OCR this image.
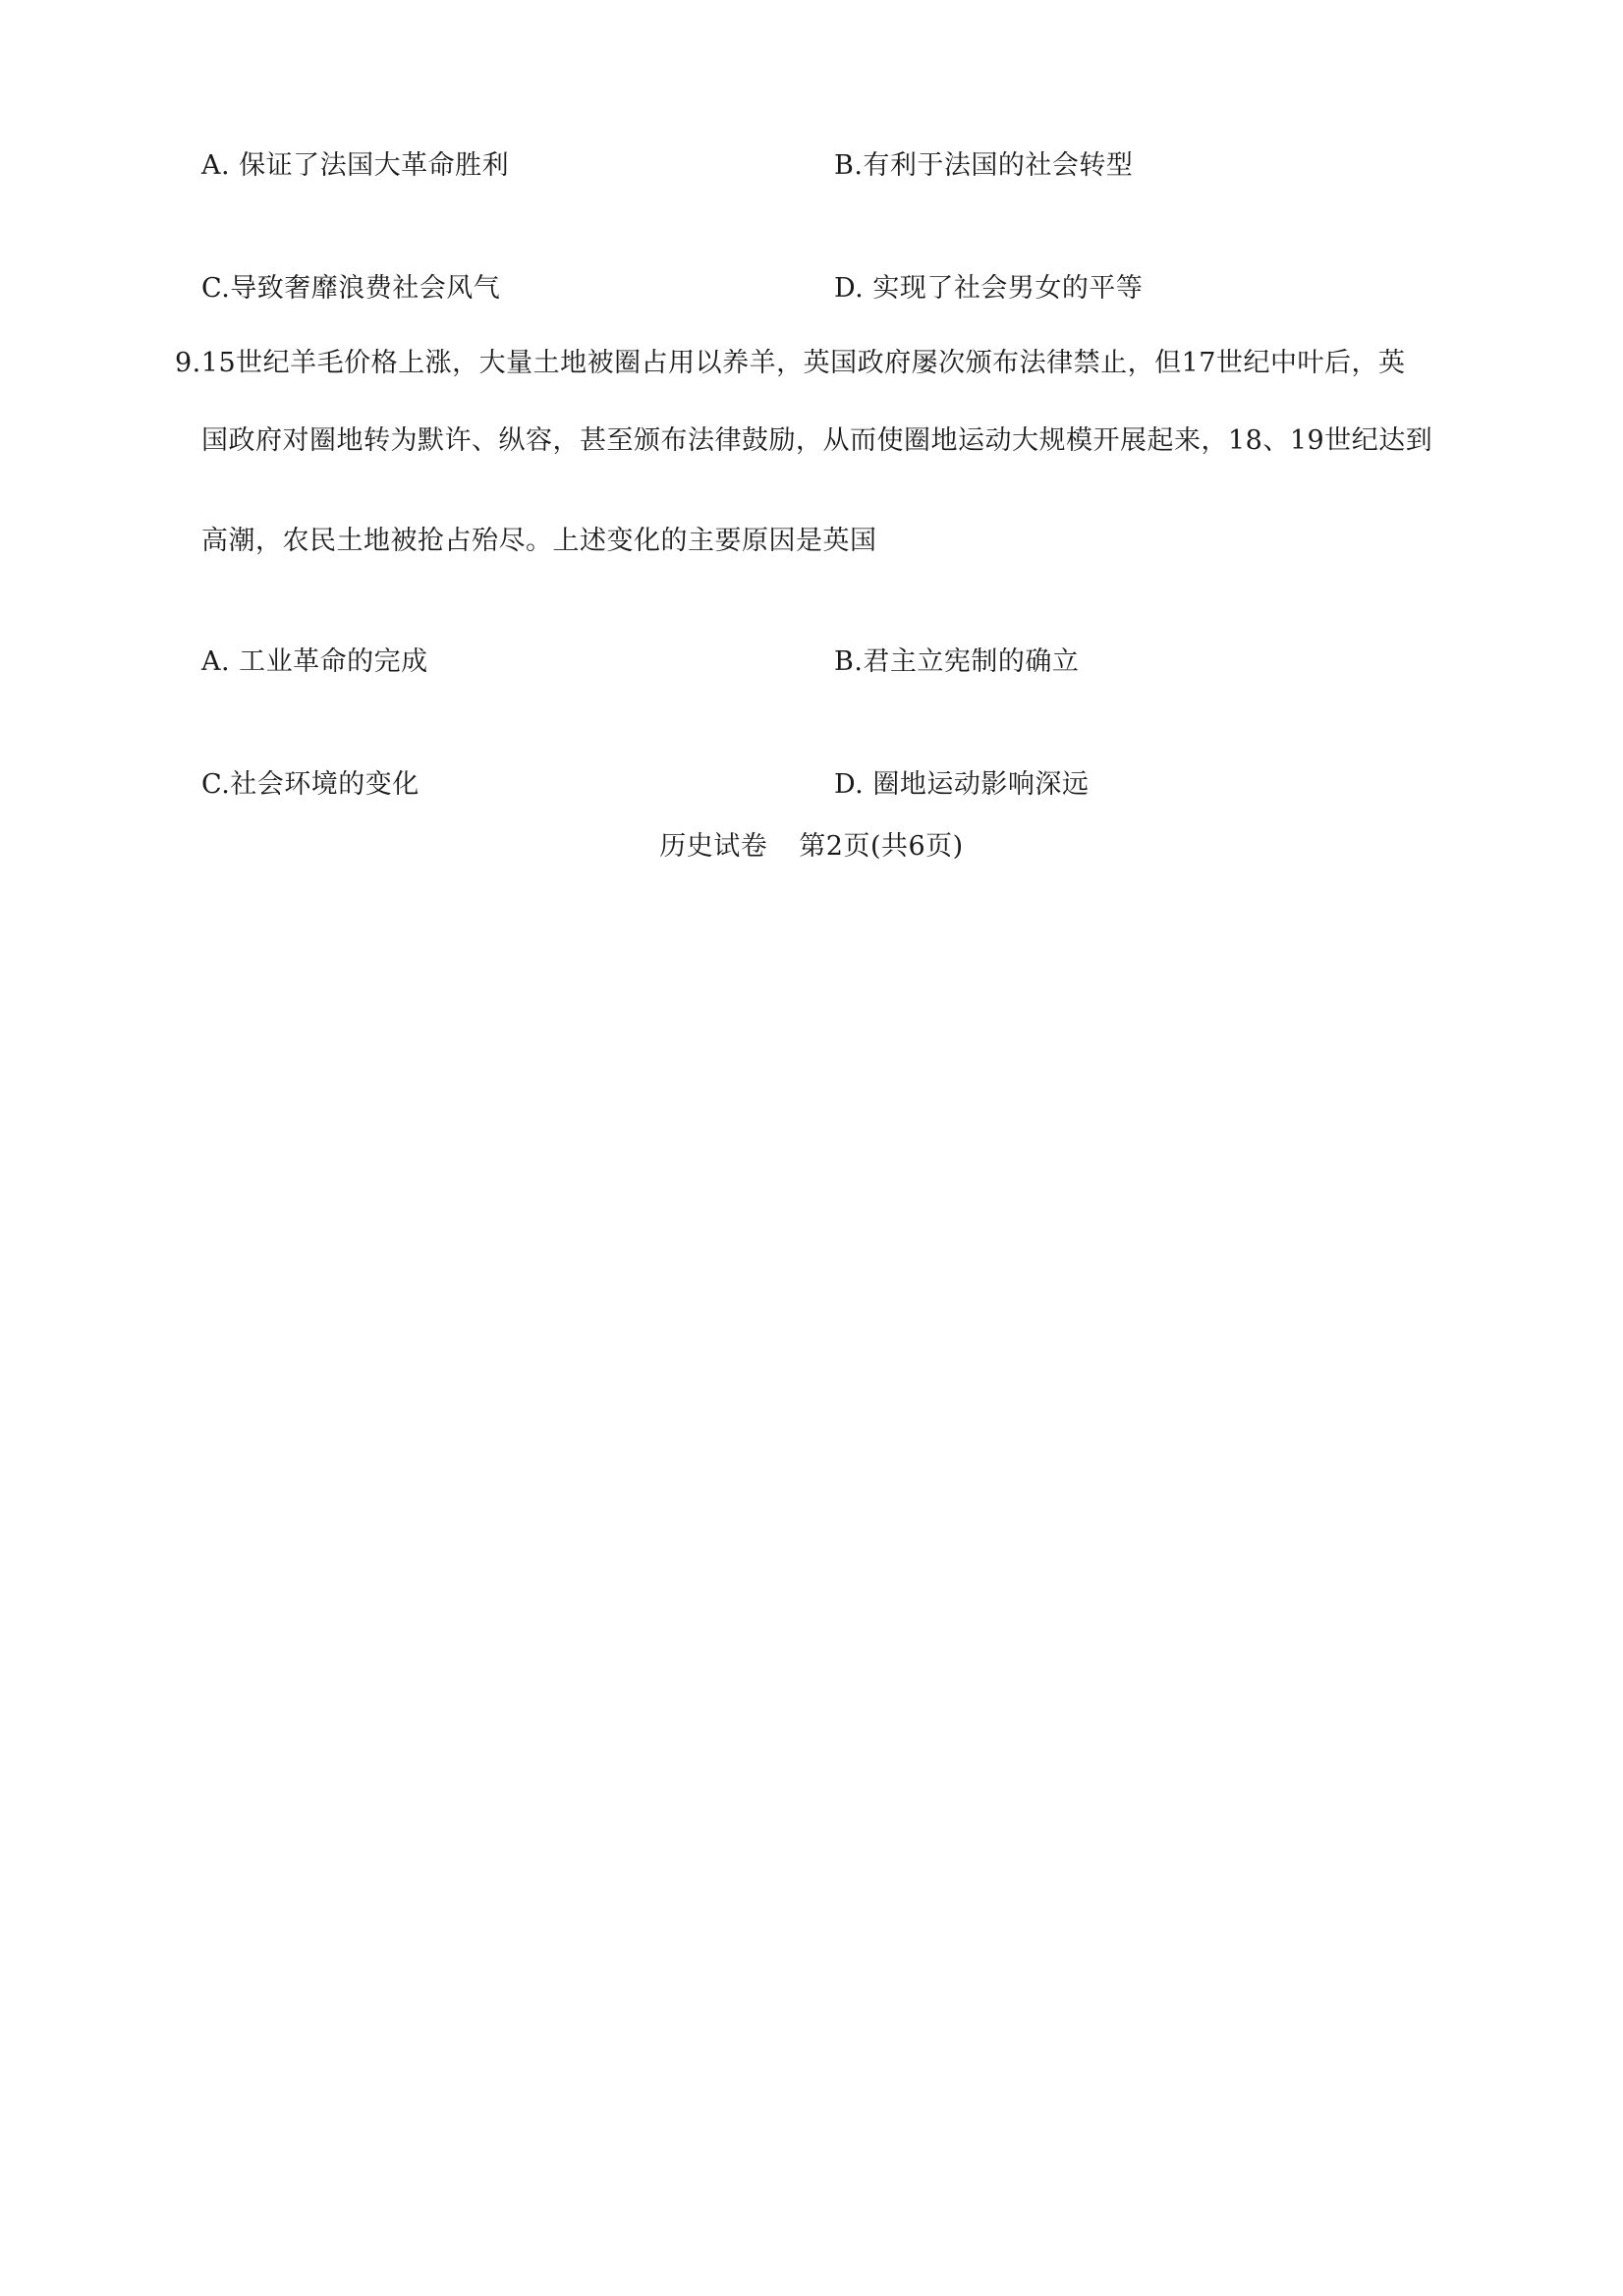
A. 保证了法国大革命胜利	B.有利于法国的社会转型
C.导致奢靡浪费社会风气	D. 实现了社会男女的平等
9.15世纪羊毛价格上涨，大量土地被圈占用以养羊，英国政府屡次颁布法律禁止，但17世纪中叶后，英
国政府对圈地转为默许、纵容，甚至颁布法律鼓励，从而使圈地运动大规模开展起来，18、19世纪达到
高潮，农民土地被抢占殆尽。上述变化的主要原因是英国
A. 工业革命的完成	B.君主立宪制的确立
C.社会环境的变化	D. 圈地运动影响深远
历史试卷 第2页(共6页)
